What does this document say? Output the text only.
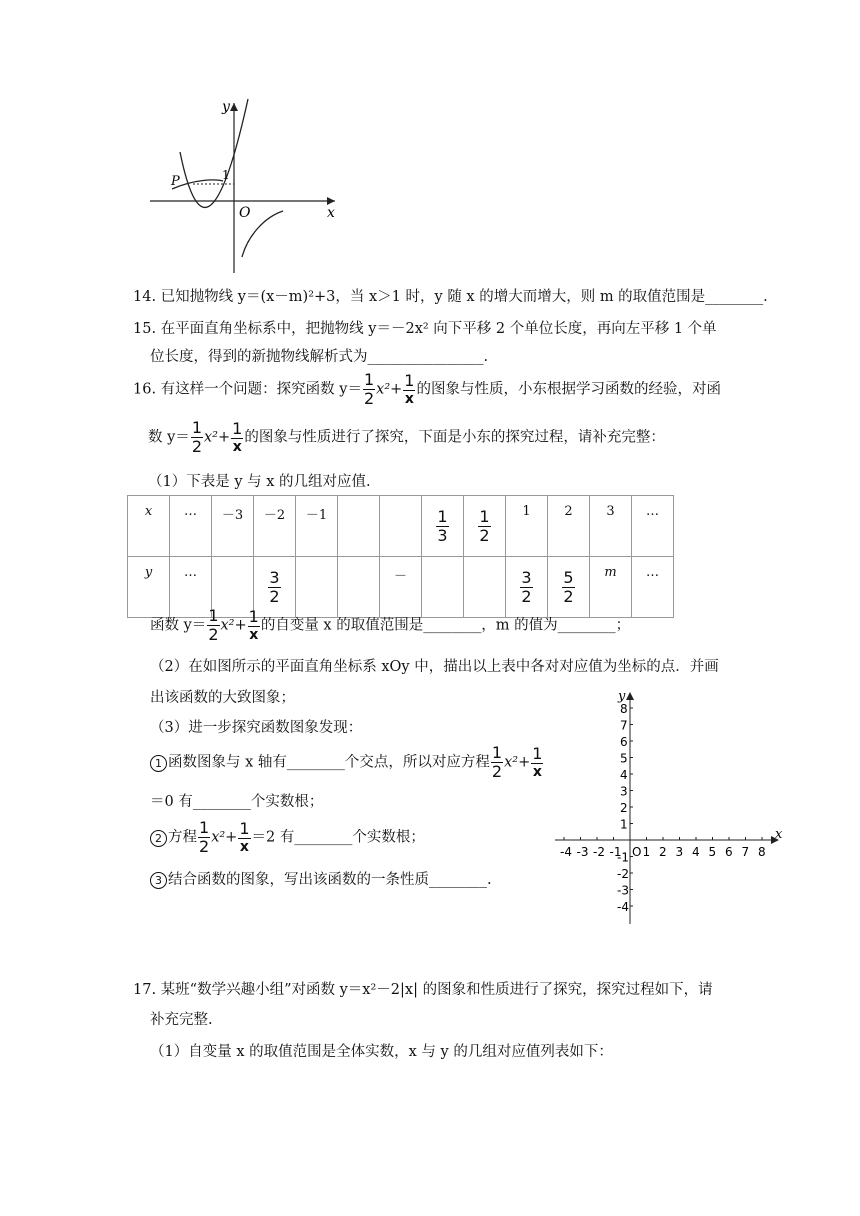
y
x
O
P	1
14. 已知抛物线 y＝(x－m)²+3，当 x＞1 时，y 随 x 的增大而增大，则 m 的取值范围是________.
15. 在平面直角坐标系中，把抛物线 y＝－2x² 向下平移 2 个单位长度，再向左平移 1 个单
位长度，得到的新抛物线解析式为________________.
16. 有这样一个问题：探究函数 $y= \frac{1}{2} x^2+ \frac{1}{x}$ 的图象与性质，小东根据学习函数的经验，对函
数 $y= \frac{1}{2} x^2+ \frac{1}{x}$ 的图象与性质进行了探究，下面是小东的探究过程，请补充完整：
（1）下表是 y 与 x 的几组对应值.
x	…	－3	－2	－1			$\frac{1}{3}$	$\frac{1}{2}$	1	2	3	…
y	…		$\frac{3}{2}$			－			$\frac{3}{2}$	$\frac{5}{2}$	m	…
函数 $y= \frac{1}{2} x^2+ \frac{1}{x}$ 的自变量 x 的取值范围是________，m 的值为________；
（2）在如图所示的平面直角坐标系 xOy 中，描出以上表中各对对应值为坐标的点．并画
出该函数的大致图象；
（3）进一步探究函数图象发现：
1 函数图象与 x 轴有________个交点，所以对应方程 $\frac{1}{2} x^2+ \frac{1}{x}$
＝0 有________个实数根；
2 方程 $\frac{1}{2} x^2+ \frac{1}{x} =2$ 有________个实数根；
3 结合函数的图象，写出该函数的一条性质________.
-4 -3 -2 -1 1 2 3 4 5 6 7 8
8
7
6
5
4
3
2
1
-1
-2
-3
-4
O
x
y
17. 某班“数学兴趣小组”对函数 y＝x²－2|x| 的图象和性质进行了探究，探究过程如下，请
补充完整.
（1）自变量 x 的取值范围是全体实数，x 与 y 的几组对应值列表如下：
